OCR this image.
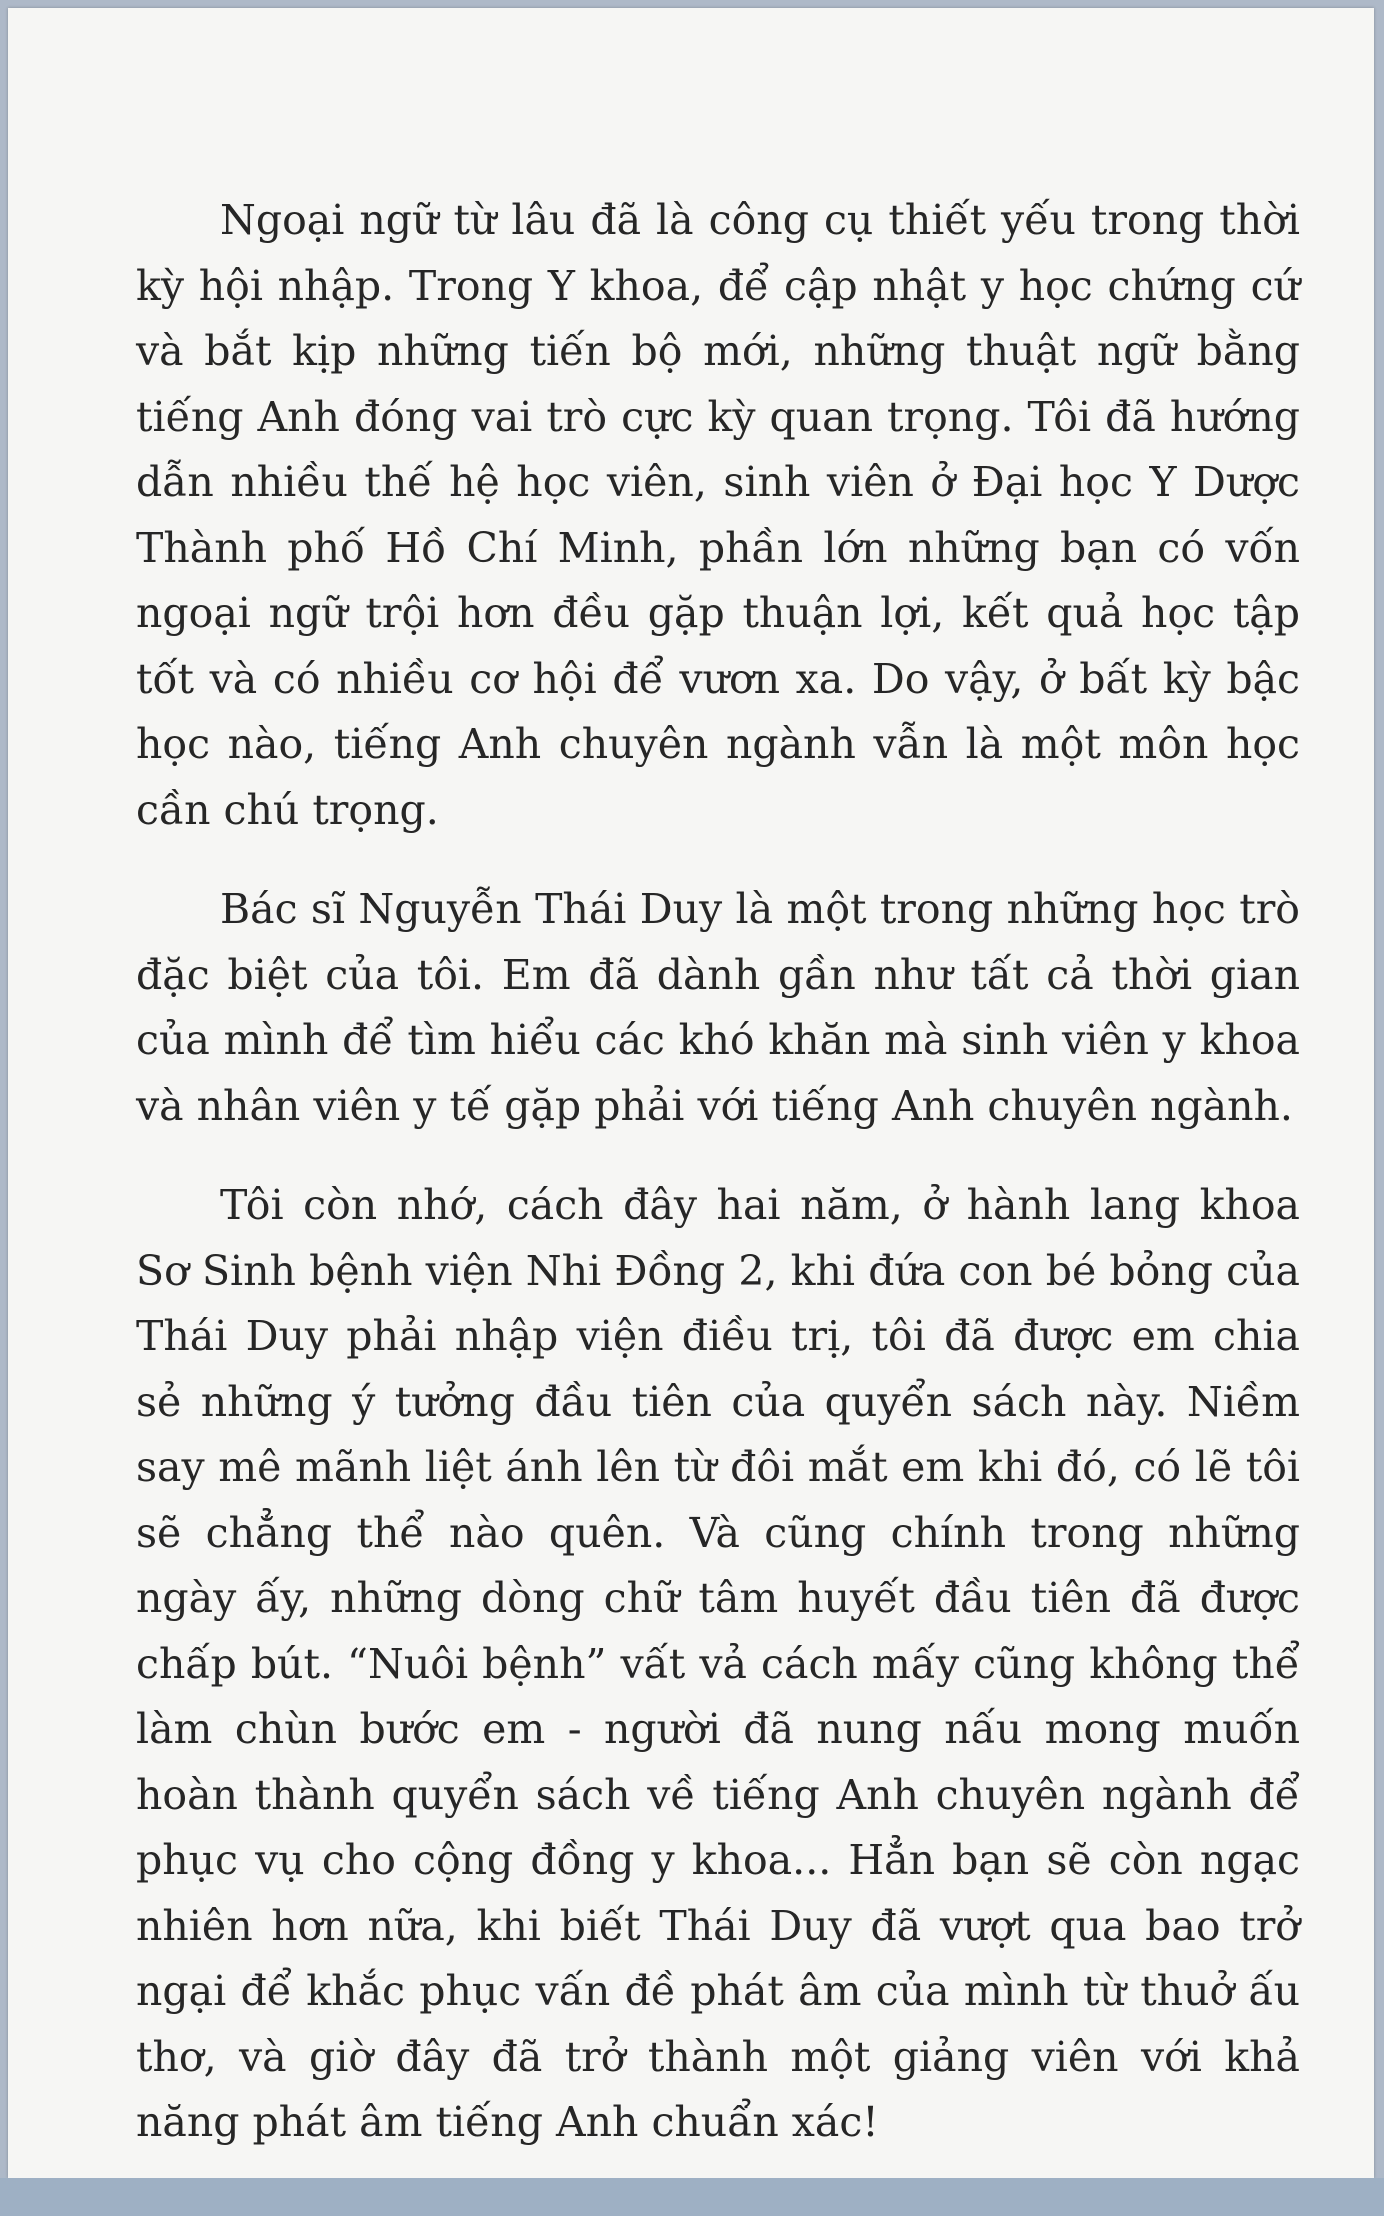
Ngoại ngữ từ lâu đã là công cụ thiết yếu trong thời kỳ hội nhập. Trong Y khoa, để cập nhật y học chứng cứ và bắt kịp những tiến bộ mới, những thuật ngữ bằng tiếng Anh đóng vai trò cực kỳ quan trọng. Tôi đã hướng dẫn nhiều thế hệ học viên, sinh viên ở Đại học Y Dược Thành phố Hồ Chí Minh, phần lớn những bạn có vốn ngoại ngữ trội hơn đều gặp thuận lợi, kết quả học tập tốt và có nhiều cơ hội để vươn xa. Do vậy, ở bất kỳ bậc học nào, tiếng Anh chuyên ngành vẫn là một môn học cần chú trọng.

Bác sĩ Nguyễn Thái Duy là một trong những học trò đặc biệt của tôi. Em đã dành gần như tất cả thời gian của mình để tìm hiểu các khó khăn mà sinh viên y khoa và nhân viên y tế gặp phải với tiếng Anh chuyên ngành.

Tôi còn nhớ, cách đây hai năm, ở hành lang khoa Sơ Sinh bệnh viện Nhi Đồng 2, khi đứa con bé bỏng của Thái Duy phải nhập viện điều trị, tôi đã được em chia sẻ những ý tưởng đầu tiên của quyển sách này. Niềm say mê mãnh liệt ánh lên từ đôi mắt em khi đó, có lẽ tôi sẽ chẳng thể nào quên. Và cũng chính trong những ngày ấy, những dòng chữ tâm huyết đầu tiên đã được chấp bút. “Nuôi bệnh” vất vả cách mấy cũng không thể làm chùn bước em - người đã nung nấu mong muốn hoàn thành quyển sách về tiếng Anh chuyên ngành để phục vụ cho cộng đồng y khoa... Hẳn bạn sẽ còn ngạc nhiên hơn nữa, khi biết Thái Duy đã vượt qua bao trở ngại để khắc phục vấn đề phát âm của mình từ thuở ấu thơ, và giờ đây đã trở thành một giảng viên với khả năng phát âm tiếng Anh chuẩn xác!
